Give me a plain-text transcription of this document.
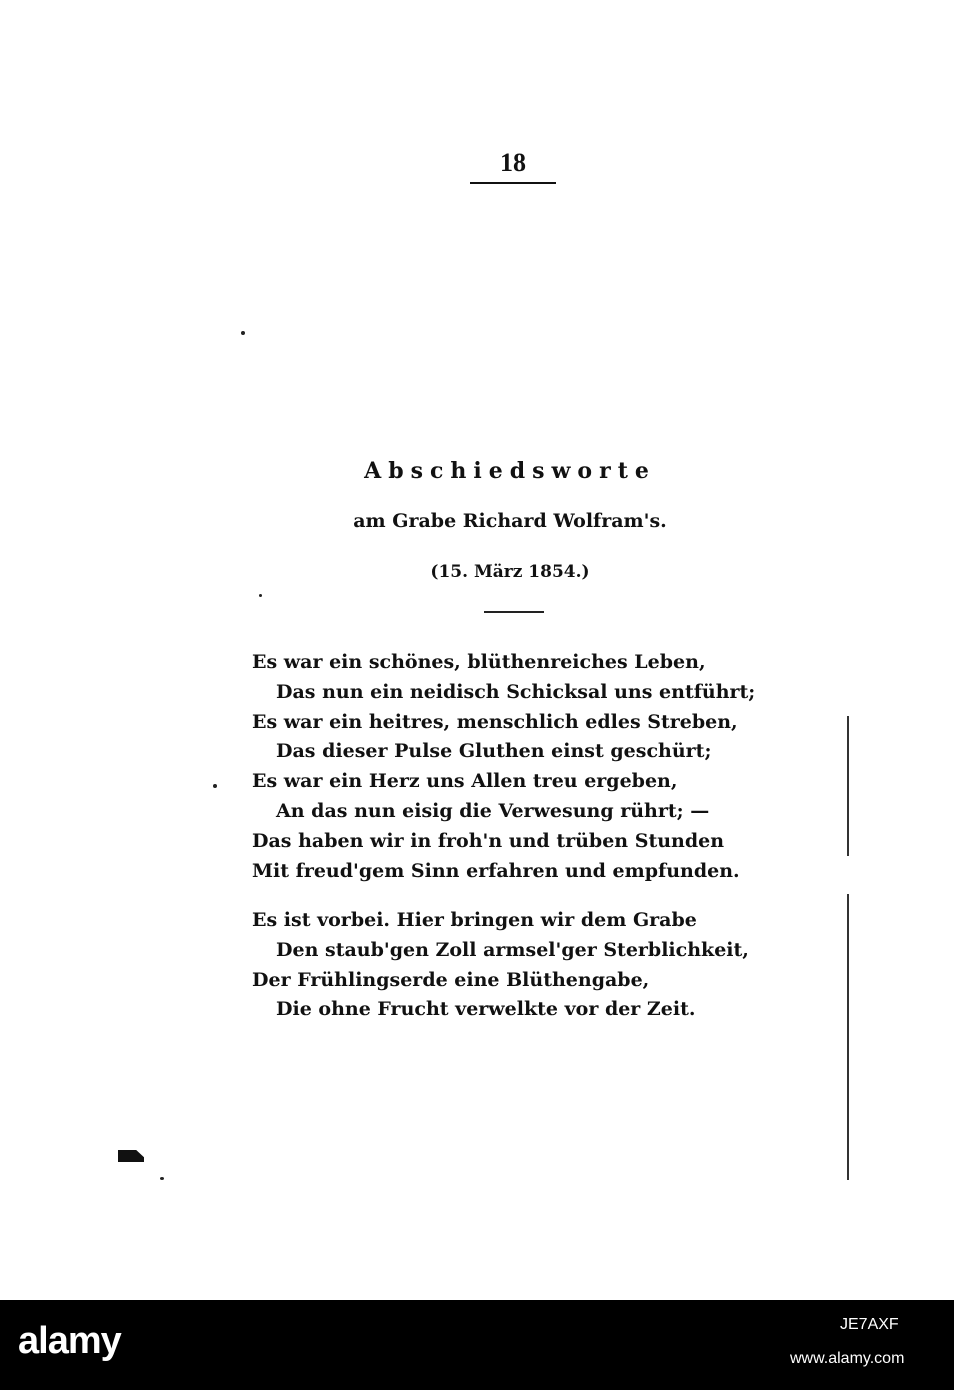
18
Abschiedsworte
am Grabe Richard Wolfram's.
(15. März 1854.)
Es war ein schönes, blüthenreiches Leben,
Das nun ein neidisch Schicksal uns entführt;
Es war ein heitres, menschlich edles Streben,
Das dieser Pulse Gluthen einst geschürt;
Es war ein Herz uns Allen treu ergeben,
An das nun eisig die Verwesung rührt; —
Das haben wir in froh'n und trüben Stunden
Mit freud'gem Sinn erfahren und empfunden.
Es ist vorbei. Hier bringen wir dem Grabe
Den staub'gen Zoll armsel'ger Sterblichkeit,
Der Frühlingserde eine Blüthengabe,
Die ohne Frucht verwelkte vor der Zeit.
alamy	JE7AXF
www.alamy.com
